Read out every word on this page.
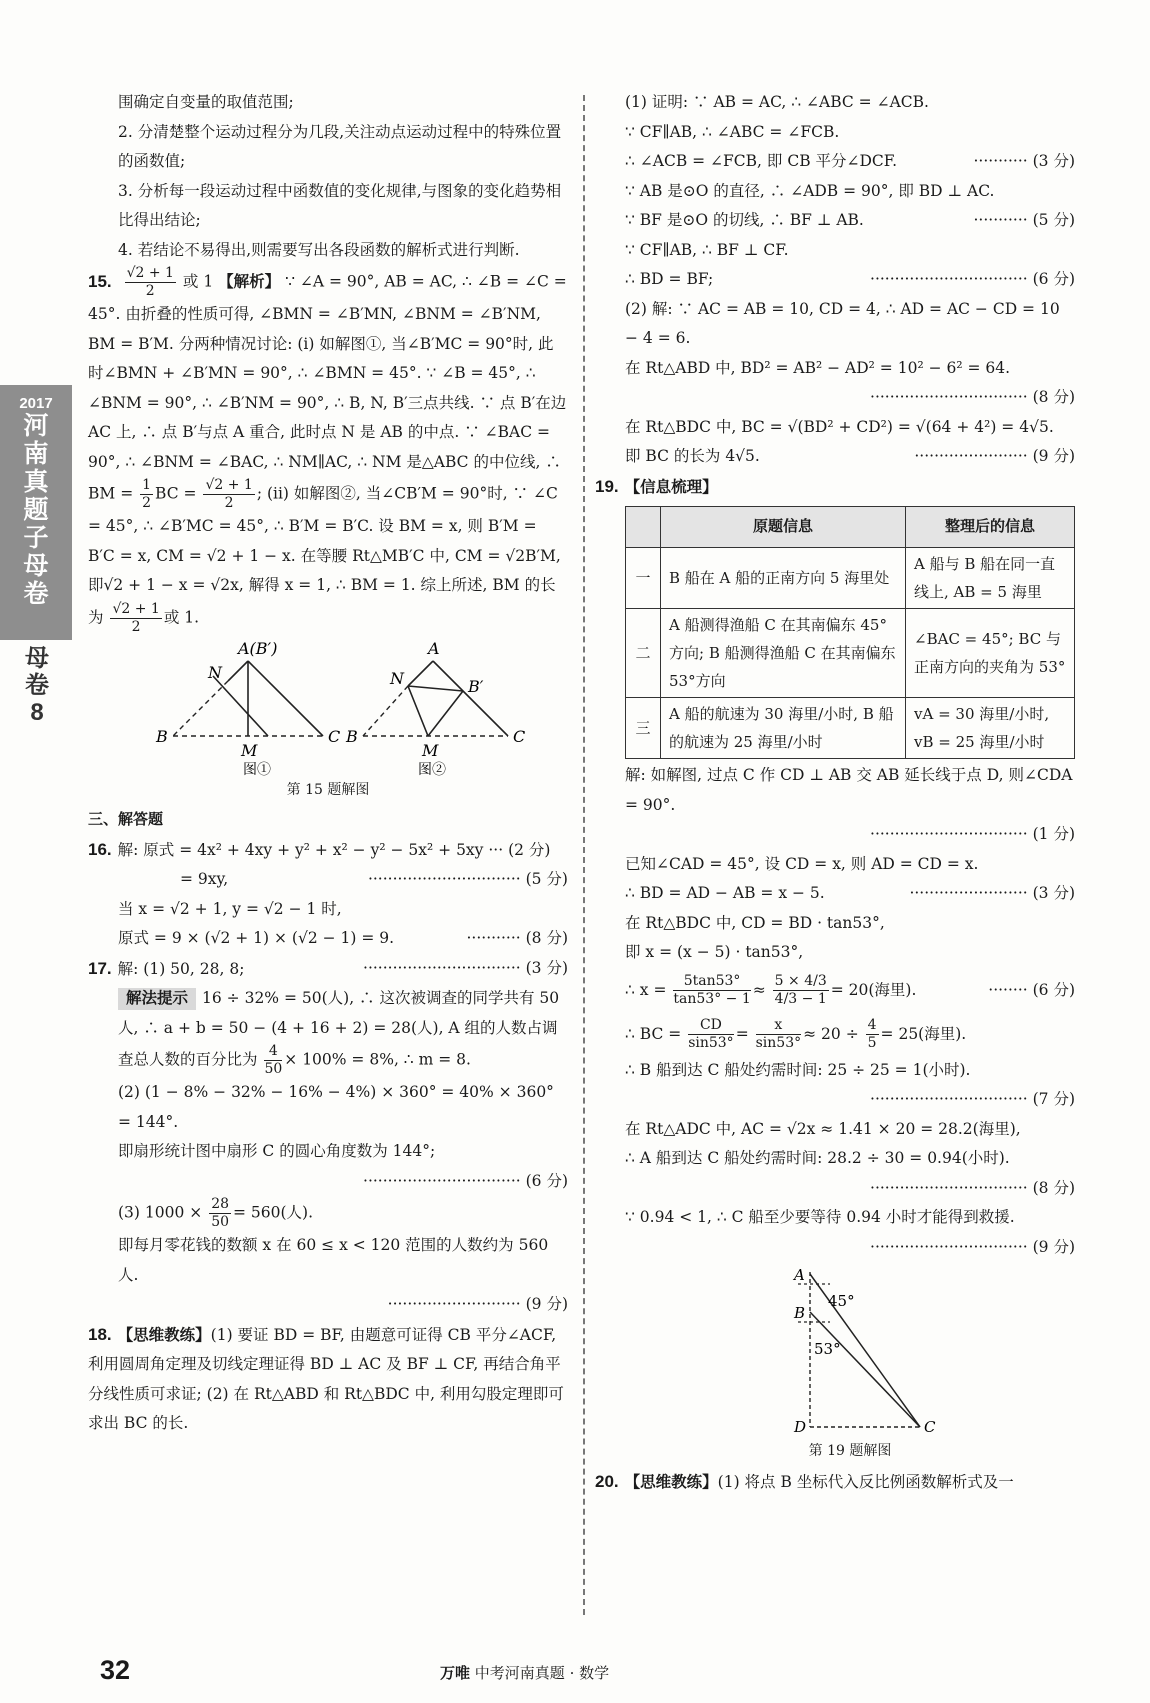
2017
河南真题子母卷
母卷8

围确定自变量的取值范围;

2. 分清楚整个运动过程分为几段,关注动点运动过程中的特殊位置的函数值;

3. 分析每一段运动过程中函数值的变化规律,与图象的变化趋势相比得出结论;

4. 若结论不易得出,则需要写出各段函数的解析式进行判断.

15. $\frac{√2 + 1}{2}$ 或 1 【解析】 ∵ ∠A = 90°, AB = AC, ∴ ∠B = ∠C = 45°. 由折叠的性质可得, ∠BMN = ∠B′MN, ∠BNM = ∠B′NM, BM = B′M. 分两种情况讨论: (i) 如解图①, 当∠B′MC = 90°时, 此时∠BMN + ∠B′MN = 90°, ∴ ∠BMN = 45°. ∵ ∠B = 45°, ∴ ∠BNM = 90°, ∴ ∠B′NM = 90°, ∴ B, N, B′三点共线. ∵ 点 B′在边 AC 上, ∴ 点 B′与点 A 重合, 此时点 N 是 AB 的中点. ∵ ∠BAC = 90°, ∴ ∠BNM = ∠BAC, ∴ NM∥AC, ∴ NM 是△ABC 的中位线, ∴ BM = $\frac{1}{2}$ BC = $\frac{√2 + 1}{2}$ ; (ii) 如解图②, 当∠CB′M = 90°时, ∵ ∠C = 45°, ∴ ∠B′MC = 45°, ∴ B′M = B′C. 设 BM = x, 则 B′M = B′C = x, CM = √2 + 1 − x. 在等腰 Rt△MB′C 中, CM = √2B′M, 即√2 + 1 − x = √2x, 解得 x = 1, ∴ BM = 1. 综上所述, BM 的长为 $\frac{√2 + 1}{2}$ 或 1.

A(B′)
N
B
M
C
图①
A
N	B′
B
M
C
图②

第 15 题解图

三、解答题

16. 解: 原式 = 4x² + 4xy + y² + x² − y² − 5x² + 5xy ··· (2 分)

= 9xy,	······························· (5 分)

当 x = √2 + 1, y = √2 − 1 时,

原式 = 9 × (√2 + 1) × (√2 − 1) = 9.	··········· (8 分)

17. 解: (1) 50, 28, 8;	································ (3 分)

解法提示 16 ÷ 32% = 50(人), ∴ 这次被调查的同学共有 50 人, ∴ a + b = 50 − (4 + 16 + 2) = 28(人), A 组的人数占调查总人数的百分比为 $\frac{4}{50} \times 100\% = 8\%$, ∴ m = 8.

(2) (1 − 8% − 32% − 16% − 4%) × 360° = 40% × 360° = 144°.

即扇形统计图中扇形 C 的圆心角度数为 144°;

································ (6 分)

(3) $1000 \times \frac{28}{50} = 560$(人).

即每月零花钱的数额 x 在 60 ≤ x < 120 范围的人数约为 560 人.

··························· (9 分)

18. 【思维教练】(1) 要证 BD = BF, 由题意可证得 CB 平分∠ACF, 利用圆周角定理及切线定理证得 BD ⊥ AC 及 BF ⊥ CF, 再结合角平分线性质可求证; (2) 在 Rt△ABD 和 Rt△BDC 中, 利用勾股定理即可求出 BC 的长.

(1) 证明: ∵ AB = AC, ∴ ∠ABC = ∠ACB.

∵ CF∥AB, ∴ ∠ABC = ∠FCB.

∴ ∠ACB = ∠FCB, 即 CB 平分∠DCF.	··········· (3 分)

∵ AB 是⊙O 的直径, ∴ ∠ADB = 90°, 即 BD ⊥ AC.

∵ BF 是⊙O 的切线, ∴ BF ⊥ AB.	··········· (5 分)

∵ CF∥AB, ∴ BF ⊥ CF.

∴ BD = BF;	································ (6 分)

(2) 解: ∵ AC = AB = 10, CD = 4, ∴ AD = AC − CD = 10 − 4 = 6.

在 Rt△ABD 中, BD² = AB² − AD² = 10² − 6² = 64.

································ (8 分)

在 Rt△BDC 中, BC = √(BD² + CD²) = √(64 + 4²) = 4√5.

即 BC 的长为 4√5.	······················· (9 分)

19. 【信息梳理】

	原题信息	整理后的信息
一	B 船在 A 船的正南方向 5 海里处	A 船与 B 船在同一直线上, AB = 5 海里
二	A 船测得渔船 C 在其南偏东 45°方向; B 船测得渔船 C 在其南偏东 53°方向	∠BAC = 45°; BC 与正南方向的夹角为 53°
三	A 船的航速为 30 海里/小时, B 船的航速为 25 海里/小时	vA = 30 海里/小时, vB = 25 海里/小时

解: 如解图, 过点 C 作 CD ⊥ AB 交 AB 延长线于点 D, 则∠CDA = 90°.

································ (1 分)

已知∠CAD = 45°, 设 CD = x, 则 AD = CD = x.

∴ BD = AD − AB = x − 5.	························ (3 分)

在 Rt△BDC 中, CD = BD · tan53°,

即 x = (x − 5) · tan53°,

∴ $x = \frac{5\tan 53^\circ}{\tan 53^\circ - 1} \approx \frac{5 \times 4/3}{4/3 - 1} = 20$(海里).	········ (6 分)

∴ BC = $\frac{CD}{\sin 53^\circ} = \frac{x}{\sin 53^\circ} \approx 20 \div \frac{4}{5} = 25$(海里).

∴ B 船到达 C 船处约需时间: 25 ÷ 25 = 1(小时).

································ (7 分)

在 Rt△ADC 中, AC = √2x ≈ 1.41 × 20 = 28.2(海里),

∴ A 船到达 C 船处约需时间: 28.2 ÷ 30 = 0.94(小时).

································ (8 分)

∵ 0.94 < 1, ∴ C 船至少要等待 0.94 小时才能得到救援.

································ (9 分)

A
B
D	C
45°
53°

第 19 题解图

20. 【思维教练】(1) 将点 B 坐标代入反比例函数解析式及一

32	万唯 中考河南真题 · 数学
